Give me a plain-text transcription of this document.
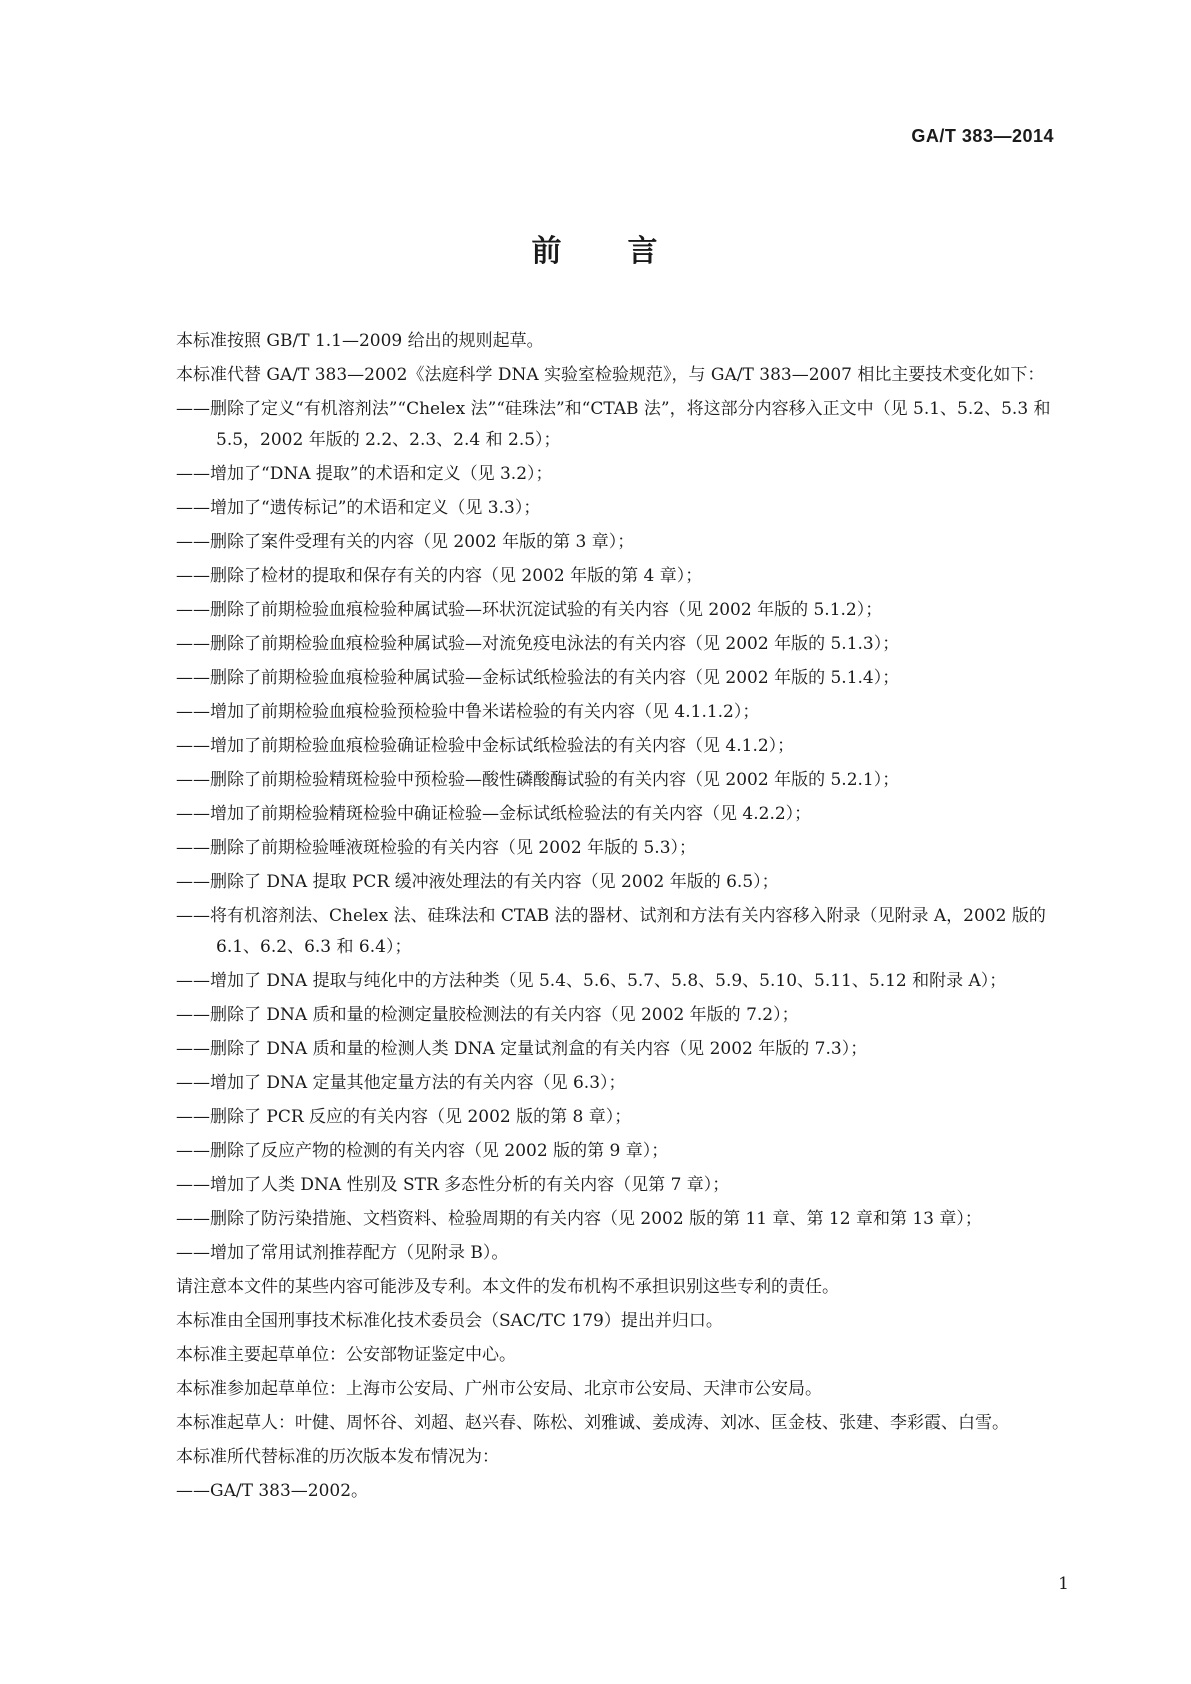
GA/T 383—2014
前 言

本标准按照 GB/T 1.1—2009 给出的规则起草。

本标准代替 GA/T 383—2002《法庭科学 DNA 实验室检验规范》，与 GA/T 383—2007 相比主要技术变化如下：

——删除了定义“有机溶剂法”“Chelex 法”“硅珠法”和“CTAB 法”，将这部分内容移入正文中（见 5.1、5.2、5.3 和 5.5，2002 年版的 2.2、2.3、2.4 和 2.5）；

——增加了“DNA 提取”的术语和定义（见 3.2）；

——增加了“遗传标记”的术语和定义（见 3.3）；

——删除了案件受理有关的内容（见 2002 年版的第 3 章）；

——删除了检材的提取和保存有关的内容（见 2002 年版的第 4 章）；

——删除了前期检验血痕检验种属试验—环状沉淀试验的有关内容（见 2002 年版的 5.1.2）；

——删除了前期检验血痕检验种属试验—对流免疫电泳法的有关内容（见 2002 年版的 5.1.3）；

——删除了前期检验血痕检验种属试验—金标试纸检验法的有关内容（见 2002 年版的 5.1.4）；

——增加了前期检验血痕检验预检验中鲁米诺检验的有关内容（见 4.1.1.2）；

——增加了前期检验血痕检验确证检验中金标试纸检验法的有关内容（见 4.1.2）；

——删除了前期检验精斑检验中预检验—酸性磷酸酶试验的有关内容（见 2002 年版的 5.2.1）；

——增加了前期检验精斑检验中确证检验—金标试纸检验法的有关内容（见 4.2.2）；

——删除了前期检验唾液斑检验的有关内容（见 2002 年版的 5.3）；

——删除了 DNA 提取 PCR 缓冲液处理法的有关内容（见 2002 年版的 6.5）；

——将有机溶剂法、Chelex 法、硅珠法和 CTAB 法的器材、试剂和方法有关内容移入附录（见附录 A，2002 版的 6.1、6.2、6.3 和 6.4）；

——增加了 DNA 提取与纯化中的方法种类（见 5.4、5.6、5.7、5.8、5.9、5.10、5.11、5.12 和附录 A）；

——删除了 DNA 质和量的检测定量胶检测法的有关内容（见 2002 年版的 7.2）；

——删除了 DNA 质和量的检测人类 DNA 定量试剂盒的有关内容（见 2002 年版的 7.3）；

——增加了 DNA 定量其他定量方法的有关内容（见 6.3）；

——删除了 PCR 反应的有关内容（见 2002 版的第 8 章）；

——删除了反应产物的检测的有关内容（见 2002 版的第 9 章）；

——增加了人类 DNA 性别及 STR 多态性分析的有关内容（见第 7 章）；

——删除了防污染措施、文档资料、检验周期的有关内容（见 2002 版的第 11 章、第 12 章和第 13 章）；

——增加了常用试剂推荐配方（见附录 B）。

请注意本文件的某些内容可能涉及专利。本文件的发布机构不承担识别这些专利的责任。

本标准由全国刑事技术标准化技术委员会（SAC/TC 179）提出并归口。

本标准主要起草单位：公安部物证鉴定中心。

本标准参加起草单位：上海市公安局、广州市公安局、北京市公安局、天津市公安局。

本标准起草人：叶健、周怀谷、刘超、赵兴春、陈松、刘雅诚、姜成涛、刘冰、匡金枝、张建、李彩霞、白雪。

本标准所代替标准的历次版本发布情况为：

——GA/T 383—2002。

1
